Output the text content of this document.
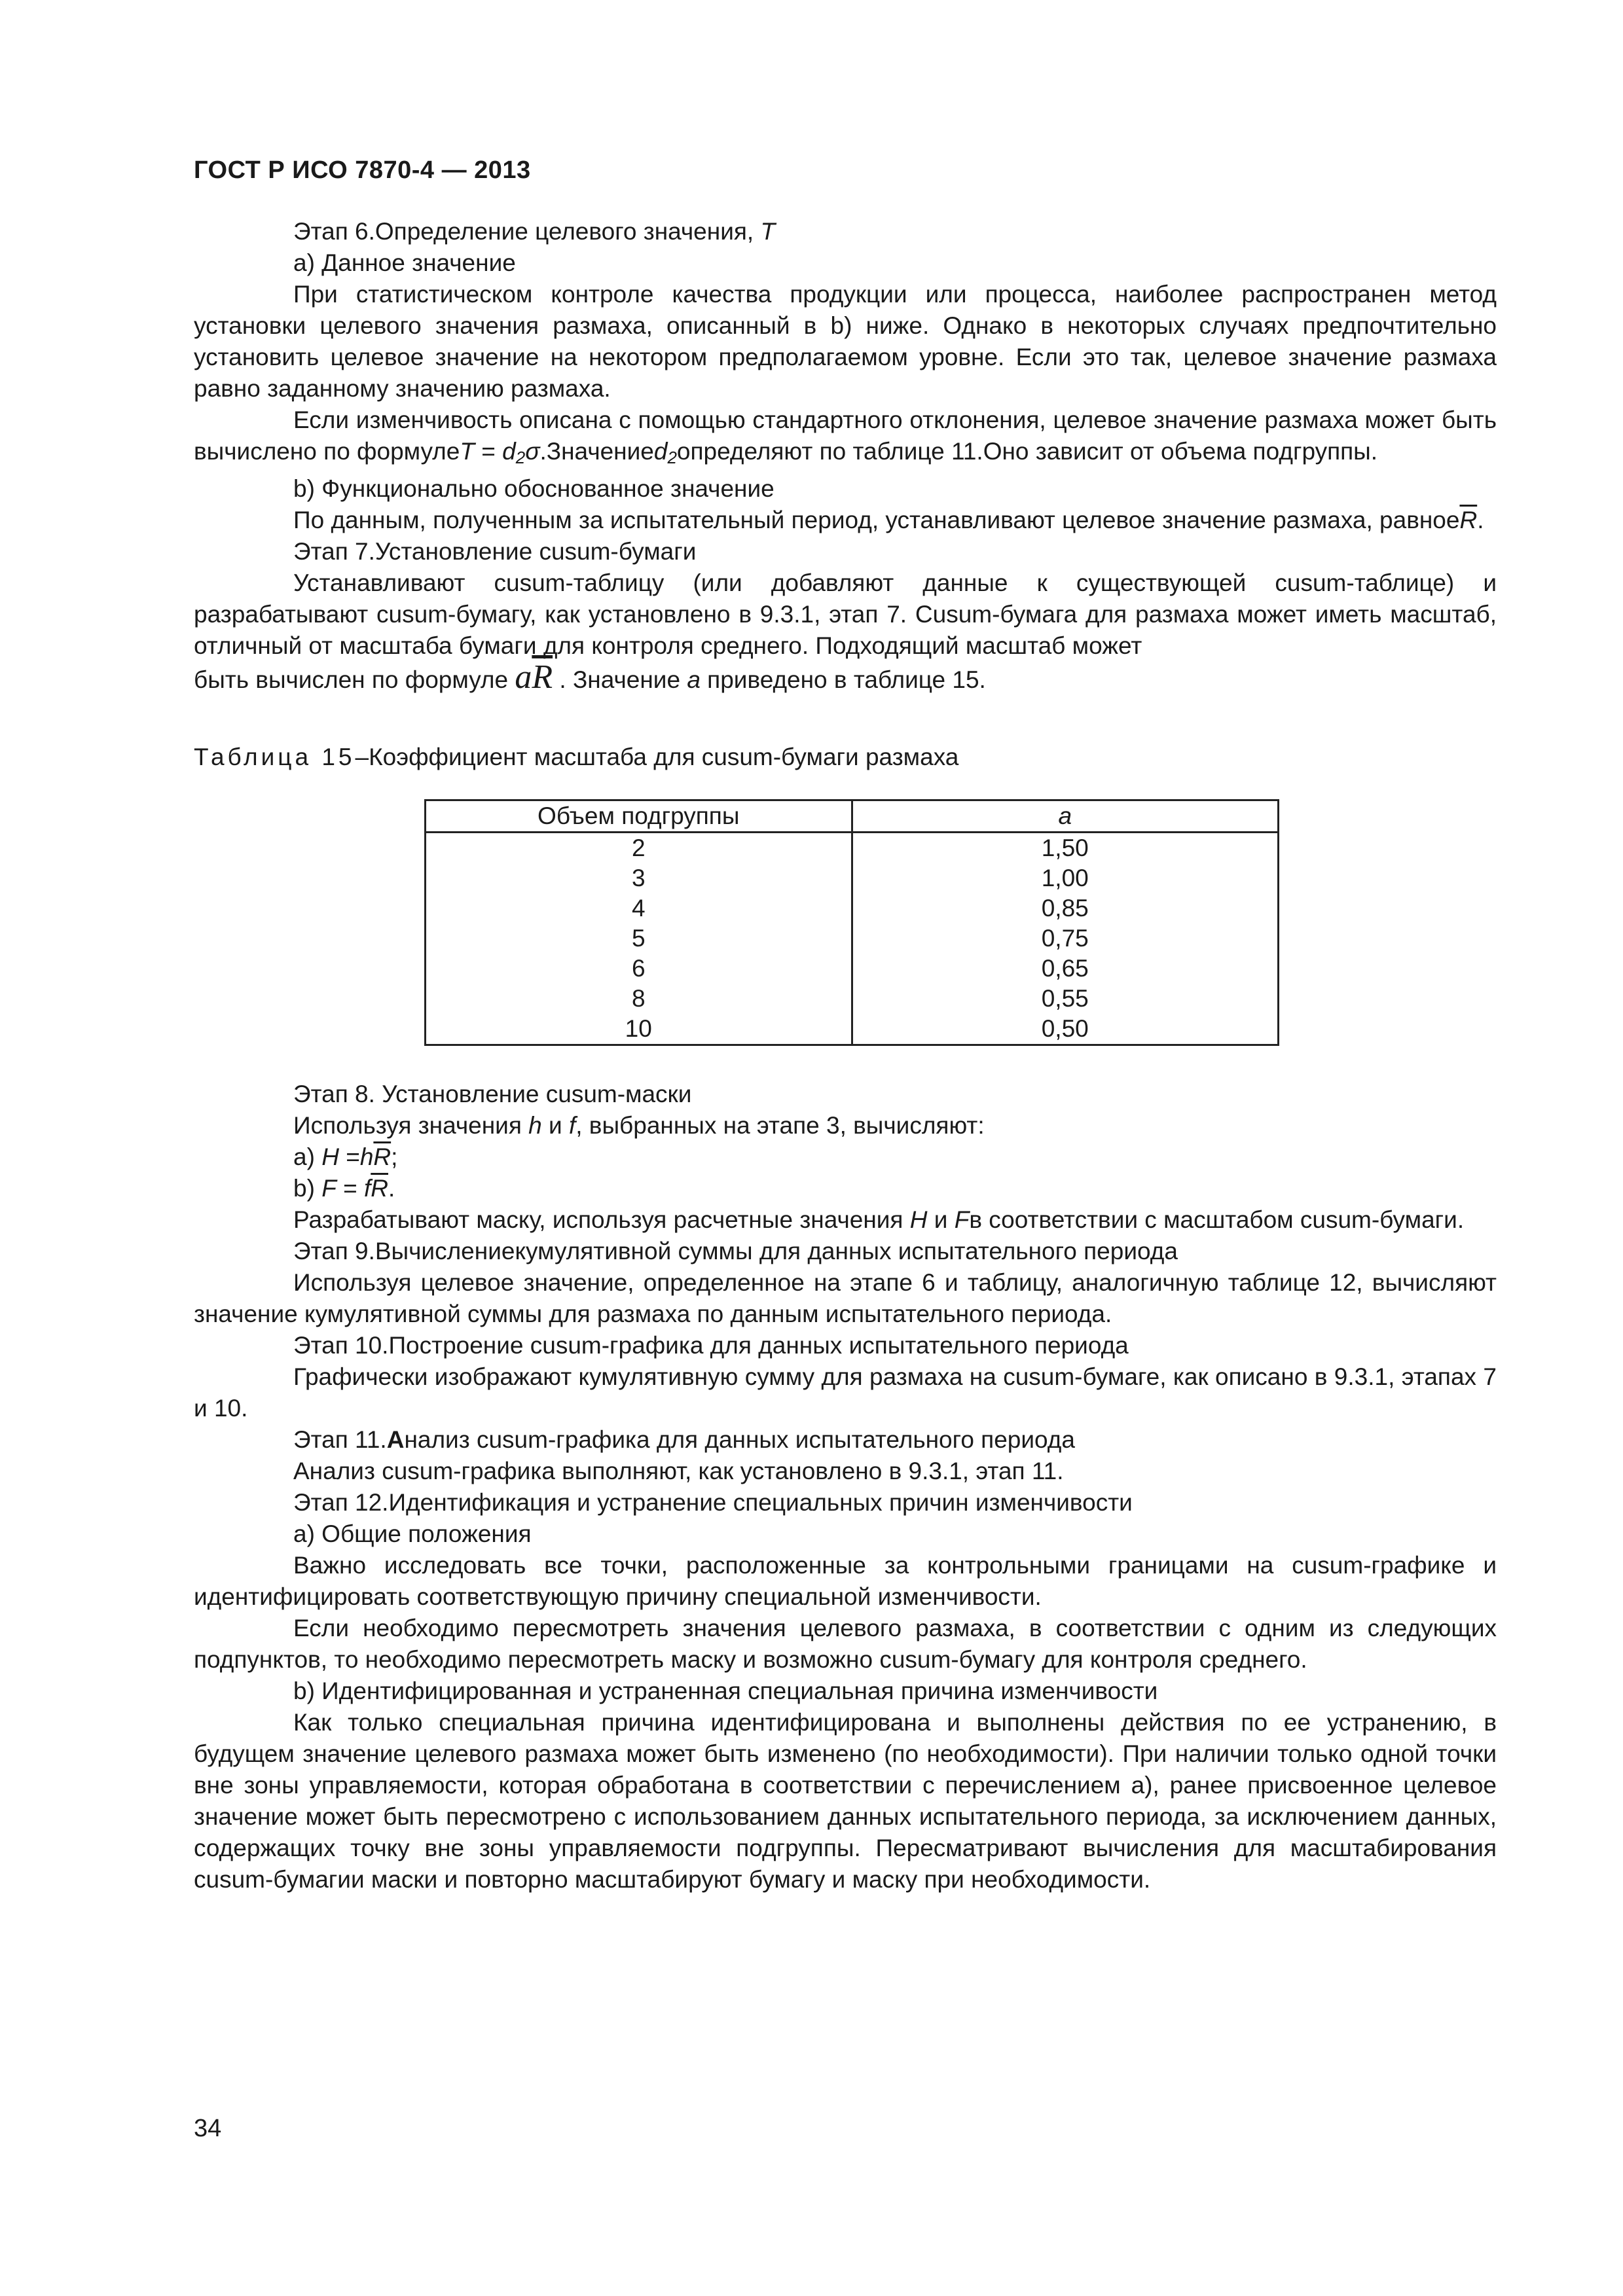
ГОСТ Р ИСО 7870-4 — 2013

Этап 6.Определение целевого значения, T

a) Данное значение

При статистическом контроле качества продукции или процесса, наиболее распространен метод установки целевого значения размаха, описанный в b) ниже. Однако в некоторых случаях предпочтительно установить целевое значение на некотором предполагаемом уровне. Если это так, целевое значение размаха равно заданному значению размаха.

Если изменчивость описана с помощью стандартного отклонения, целевое значение размаха может быть вычислено по формулеT = $d_2\sigma.Значениеd_2определяют$ по таблице 11.Оно зависит от объема подгруппы.

b) Функционально обоснованное значение

По данным, полученным за испытательный период, устанавливают целевое значение размаха, $равное\overline{R}$.

Этап 7.Установление cusum-бумаги

Устанавливают cusum-таблицу (или добавляют данные к существующей cusum-таблице) и разрабатывают cusum-бумагу, как установлено в 9.3.1, этап 7. Cusum-бумага для размаха может иметь масштаб, отличный от масштаба бумаги для контроля среднего. Подходящий масштаб может

быть вычислен по формуле $a\overline{R}$ . Значение a приведено в таблице 15.

Таблица 15–Коэффициент масштаба для cusum-бумаги размаха

Объем подгруппы	a
2	1,50
3	1,00
4	0,85
5	0,75
6	0,65
8	0,55
10	0,50

Этап 8. Установление cusum-маски

Используя значения h и f, выбранных на этапе 3, вычисляют:

a) $H =h\overline{R}$;

b) $F = f\overline{R}$.

Разрабатывают маску, используя расчетные значения H и Fв соответствии с масштабом cusum-бумаги.

Этап 9.Вычислениекумулятивной суммы для данных испытательного периода

Используя целевое значение, определенное на этапе 6 и таблицу, аналогичную таблице 12, вычисляют значение кумулятивной суммы для размаха по данным испытательного периода.

Этап 10.Построение cusum-графика для данных испытательного периода

Графически изображают кумулятивную сумму для размаха на cusum-бумаге, как описано в 9.3.1, этапах 7 и 10.

Этап 11.Анализ cusum-графика для данных испытательного периода

Анализ cusum-графика выполняют, как установлено в 9.3.1, этап 11.

Этап 12.Идентификация и устранение специальных причин изменчивости

а) Общие положения

Важно исследовать все точки, расположенные за контрольными границами на cusum-графике и идентифицировать соответствующую причину специальной изменчивости.

Если необходимо пересмотреть значения целевого размаха, в соответствии с одним из следующих подпунктов, то необходимо пересмотреть маску и возможно cusum-бумагу для контроля среднего.

b) Идентифицированная и устраненная специальная причина изменчивости

Как только специальная причина идентифицирована и выполнены действия по ее устранению, в будущем значение целевого размаха может быть изменено (по необходимости). При наличии только одной точки вне зоны управляемости, которая обработана в соответствии с перечислением а), ранее присвоенное целевое значение может быть пересмотрено с использованием данных испытательного периода, за исключением данных, содержащих точку вне зоны управляемости подгруппы. Пересматривают вычисления для масштабирования cusum-бумагии маски и повторно масштабируют бумагу и маску при необходимости.

34
